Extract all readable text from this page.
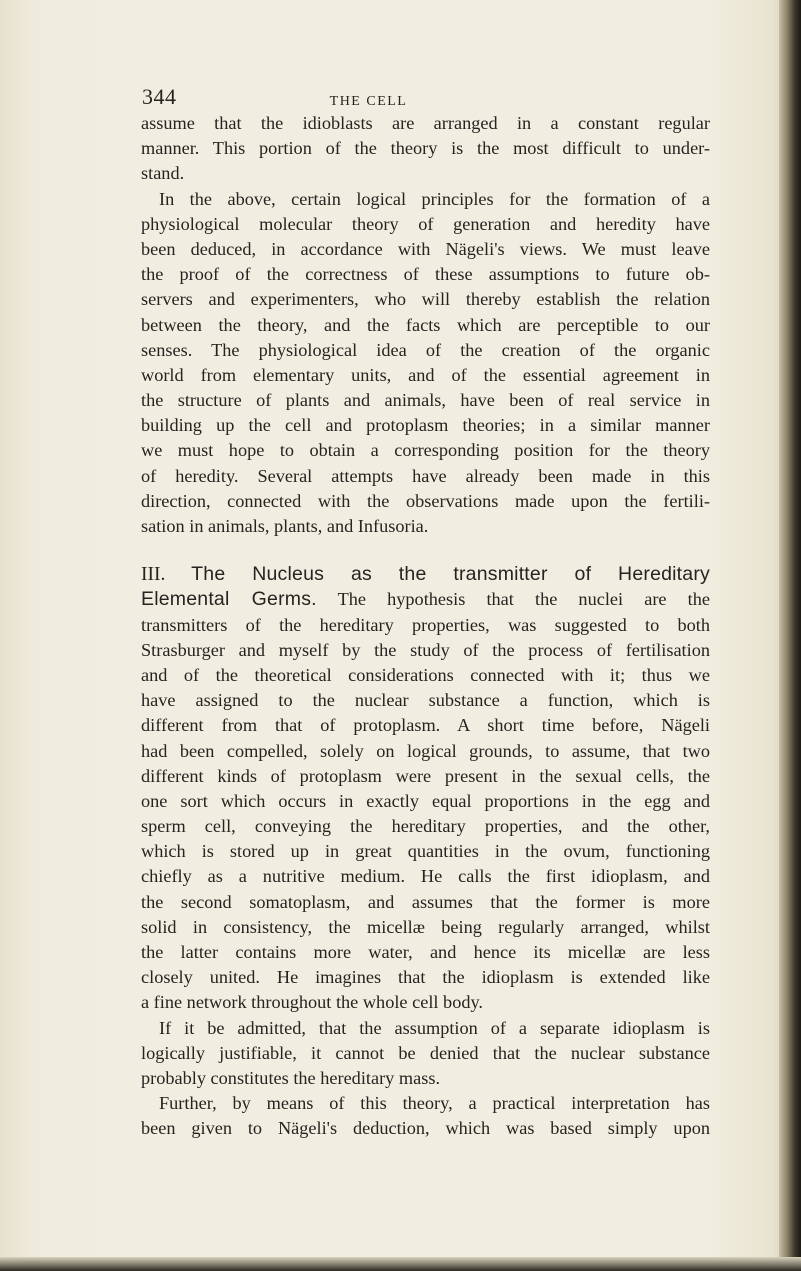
344	THE CELL
assume that the idioblasts are arranged in a constant regular
manner. This portion of the theory is the most difficult to under-
stand.
In the above, certain logical principles for the formation of a
physiological molecular theory of generation and heredity have
been deduced, in accordance with Nägeli's views. We must leave
the proof of the correctness of these assumptions to future ob-
servers and experimenters, who will thereby establish the relation
between the theory, and the facts which are perceptible to our
senses. The physiological idea of the creation of the organic
world from elementary units, and of the essential agreement in
the structure of plants and animals, have been of real service in
building up the cell and protoplasm theories; in a similar manner
we must hope to obtain a corresponding position for the theory
of heredity. Several attempts have already been made in this
direction, connected with the observations made upon the fertili-
sation in animals, plants, and Infusoria.
III. The Nucleus as the transmitter of Hereditary
Elemental Germs. The hypothesis that the nuclei are the
transmitters of the hereditary properties, was suggested to both
Strasburger and myself by the study of the process of fertilisation
and of the theoretical considerations connected with it; thus we
have assigned to the nuclear substance a function, which is
different from that of protoplasm. A short time before, Nägeli
had been compelled, solely on logical grounds, to assume, that two
different kinds of protoplasm were present in the sexual cells, the
one sort which occurs in exactly equal proportions in the egg and
sperm cell, conveying the hereditary properties, and the other,
which is stored up in great quantities in the ovum, functioning
chiefly as a nutritive medium. He calls the first idioplasm, and
the second somatoplasm, and assumes that the former is more
solid in consistency, the micellæ being regularly arranged, whilst
the latter contains more water, and hence its micellæ are less
closely united. He imagines that the idioplasm is extended like
a fine network throughout the whole cell body.
If it be admitted, that the assumption of a separate idioplasm is
logically justifiable, it cannot be denied that the nuclear substance
probably constitutes the hereditary mass.
Further, by means of this theory, a practical interpretation has
been given to Nägeli's deduction, which was based simply upon
